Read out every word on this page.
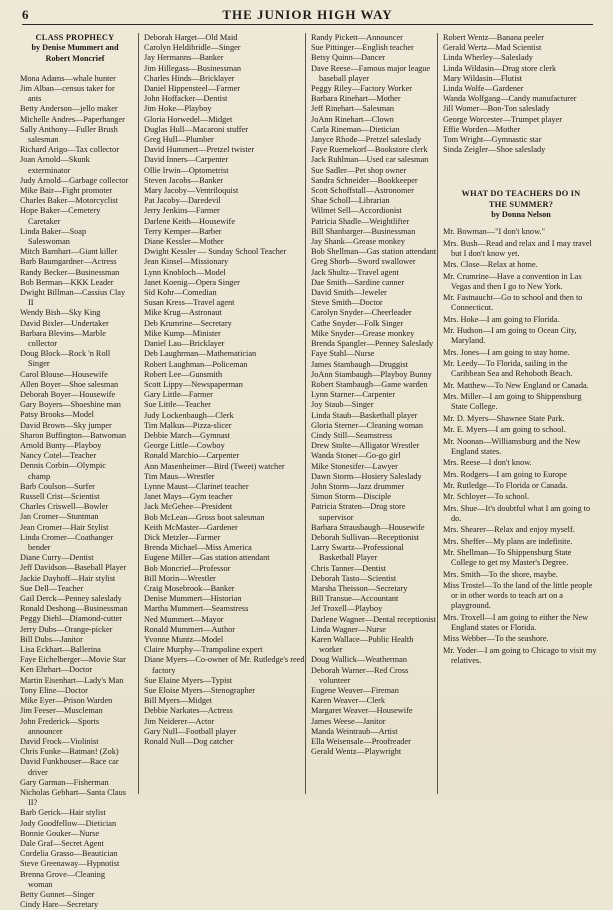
6	THE JUNIOR HIGH WAY
CLASS PROPHECY
by Denise Mummert and
Robert Moncrief
Mona Adams—whale hunter
Jim Alban—census taker for ants
Betty Anderson—jello maker
Michelle Andres—Paperhanger
Sally Anthony—Fuller Brush salesman
Richard Arigo—Tax collector
Joan Arnold—Skunk exterminator
Judy Arnold—Garbage collector
Mike Bair—Fight promoter
Charles Baker—Motorcyclist
Hope Baker—Cemetery Caretaker
Linda Baker—Soap Saleswoman
Mitch Barnhart—Giant killer
Barb Baumgardner—Actress
Randy Becker—Businessman
Bob Berman—KKK Leader
Dwight Billman—Cassius Clay II
Wendy Bish—Sky King
David Bixler—Undertaker
Barbara Blevins—Marble collector
Doug Block—Rock 'n Roll Singer
Carol Blouse—Housewife
Allen Boyer—Shoe salesman
Deborah Boyer—Housewife
Gary Boyers—Shoeshine man
Patsy Brooks—Model
David Brown—Sky jumper
Sharon Buffington—Batwoman
Arnold Bunty—Playboy
Nancy Cotel—Teacher
Dennis Corbin—Olympic champ
Barb Coulson—Surfer
Russell Crist—Scientist
Charles Criswell—Bowler
Jan Cromer—Stuntman
Jean Cromer—Hair Stylist
Linda Cromer—Coathanger bender
Diane Curry—Dentist
Jeff Davidson—Baseball Player
Jackie Dayhoff—Hair stylist
Sue Dell—Teacher
Gail Derck—Penney saleslady
Ronald Deshong—Businessman
Peggy Diehl—Diamond-cutter
Jerry Dubs—Orange-picker
Bill Dubs—Janitor
Lisa Eckhart—Ballerina
Faye Eichelberger—Movie Star
Ken Ehrhart—Doctor
Martin Eisenhart—Lady's Man
Tony Eline—Doctor
Mike Eyer—Prison Warden
Jim Feeser—Muscleman
John Frederick—Sports announcer
David Frock—Violinist
Chris Funke—Batman! (Zok)
David Funkhouser—Race car driver
Gary Garman—Fisherman
Nicholas Gebhart—Santa Claus II?
Barb Gerick—Hair stylist
Jody Goodfellow—Dietician
Bonnie Gouker—Nurse
Dale Graf—Secret Agent
Cordelia Grasso—Beautician
Steve Greenaway—Hypnotist
Brenna Grove—Cleaning woman
Betty Gunnet—Singer
Cindy Hare—Secretary
Deborah Harget—Old Maid
Carolyn Heldibridle—Singer
Jay Hermanns—Banker
Jim Hillegass—Businessman
Charles Hinds—Bricklayer
Daniel Hippensteel—Farmer
John Hoffacker—Dentist
Jim Hoke—Playboy
Gloria Horwedel—Midget
Duglas Hull—Macaroni stuffer
Greg Hull—Plumber
David Hummert—Pretzel twister
David Inners—Carpenter
Ollie Irwin—Optometrist
Steven Jacobs—Banker
Mary Jacoby—Ventriloquist
Pat Jacoby—Daredevil
Jerry Jenkins—Farmer
Darlene Keith—Housewife
Terry Kemper—Barber
Diane Kessler—Mother
Dwight Kessler — Sunday School Teacher
Jean Kinsel—Missionary
Lynn Knobloch—Model
Janet Koenig—Opera Singer
Sid Kohr—Comedian
Susan Kress—Travel agent
Mike Krug—Astronaut
Deb Krumrine—Secretary
Mike Kump—Minister
Daniel Lau—Bricklayer
Deb Laughrman—Mathematician
Robert Laughman—Policeman
Robert Lee—Gunsmith
Scott Lippy—Newspaperman
Gary Little—Farmer
Sue Little—Teacher
Judy Lockenbaugh—Clerk
Tim Malkus—Pizza-slicer
Debbie March—Gymnast
George Little—Cowboy
Ronald Marchio—Carpenter
Ann Masenheimer—Bird (Tweet) watcher
Tim Maus—Wrestler
Lynne Maust—Clarinet teacher
Janet Mays—Gym teacher
Jack McGehee—President
Bob McLean—Gross boot salesman
Keith McMaster—Gardener
Dick Metzler—Farmer
Brenda Michael—Miss America
Eugene Miller—Gas station attendant
Bob Moncrief—Professor
Bill Morin—Wrestler
Craig Mosebrook—Banker
Denise Mummert—Historian
Martha Mummert—Seamstress
Ned Mummert—Mayor
Ronald Mummert—Author
Yvonne Muntz—Model
Claire Murphy—Trampoline expert
Diane Myers—Co-owner of Mr. Rutledge's reed factory
Sue Elaine Myers—Typist
Sue Eloise Myers—Stenographer
Bill Myers—Midget
Debbie Narkates—Actress
Jim Neiderer—Actor
Gary Null—Football player
Ronald Null—Dog catcher
Randy Pickett—Announcer
Sue Pittinger—English teacher
Betsy Quinn—Dancer
Dave Reese—Famous major league baseball player
Peggy Riley—Factory Worker
Barbara Rinehart—Mother
Jeff Rinehart—Salesman
JoAnn Rinehart—Clown
Carla Rineman—Dietician
Janyce Rhode—Pretzel saleslady
Faye Ruemekorf—Bookstore clerk
Jack Ruhlman—Used car salesman
Sue Sadler—Pet shop owner
Sandra Schneider—Bookkeeper
Scott Schoffstall—Astronomer
Shae Scholl—Librarian
Wilmet Sell—Accordionist
Patricia Shadle—Weightlifter
Bill Shanbarger—Businessman
Jay Shank—Grease monkey
Bob Shellman—Gas station attendant
Greg Shorb—Sword swallower
Jack Shultz—Travel agent
Dae Smith—Sardine canner
David Smith—Jeweler
Steve Smith—Doctor
Carolyn Snyder—Cheerleader
Cathe Snyder—Folk Singer
Mike Snyder—Grease monkey
Brenda Spangler—Penney Saleslady
Faye Stahl—Nurse
James Stambaugh—Druggist
JoAnn Stambaugh—Playboy Bunny
Robert Stambaugh—Game warden
Lynn Starner—Carpenter
Joy Staub—Singer
Linda Staub—Basketball player
Gloria Sterner—Cleaning woman
Cindy Still—Seamstress
Drew Stolte—Alligator Wrestler
Wanda Stoner—Go-go girl
Mike Stonesifer—Lawyer
Dawn Storm—Hosiery Saleslady
John Storm—Jazz drummer
Simon Storm—Disciple
Patricia Straten—Drug store supervisor
Barbara Strausbaugh—Housewife
Deborah Sullivan—Receptionist
Larry Swartz—Professional Basketball Player
Chris Tanner—Dentist
Deborah Tasto—Scientist
Marsha Theisson—Secretary
Bill Transue—Accountant
Jef Troxell—Playboy
Darlene Wagner—Dental receptionist
Linda Wagner—Nurse
Karen Wallace—Public Health worker
Doug Wallick—Weatherman
Deborah Warner—Red Cross volunteer
Eugene Weaver—Fireman
Karen Weaver—Clerk
Margaret Weaver—Housewife
James Weese—Janitor
Manda Weintraub—Artist
Ella Weisensale—Proofreader
Gerald Wentz—Playwright
Robert Wentz—Banana peeler
Gerald Wertz—Mad Scientist
Linda Wherley—Saleslady
Linda Wildasin—Drug store clerk
Mary Wildasin—Flutist
Linda Wolfe—Gardener
Wanda Wolfgang—Candy manufacturer
Jill Womer—Bon-Ton saleslady
George Worcester—Trumpet player
Effie Worden—Mother
Tom Wright—Gymnastic star
Sinda Zeigler—Shoe saleslady
WHAT DO TEACHERS DO IN
THE SUMMER?
by Donna Nelson
Mr. Bowman—"I don't know."
Mrs. Bush—Read and relax and I may travel but I don't know yet.
Mrs. Close—Relax at home.
Mr. Crumrine—Have a convention in Las Vegas and then I go to New York.
Mr. Fastnaucht—Go to school and then to Connecticut.
Mrs. Hoke—I am going to Florida.
Mr. Hudson—I am going to Ocean City, Maryland.
Mrs. Jones—I am going to stay home.
Mr. Leedy—To Florida, sailing in the Caribbean Sea and Rehoboth Beach.
Mr. Matthew—To New England or Canada.
Mrs. Miller—I am going to Shippensburg State College.
Mr. D. Myers—Shawnee State Park.
Mr. E. Myers—I am going to school.
Mr. Noonan—Williamsburg and the New England states.
Mrs. Reese—I don't know.
Mrs. Rodgers—I am going to Europe
Mr. Rutledge—To Florida or Canada.
Mr. Schloyer—To school.
Mrs. Shue—It's doubtful what I am going to do.
Mrs. Shearer—Relax and enjoy myself.
Mrs. Sheffer—My plans are indefinite.
Mr. Shellman—To Shippensburg State College to get my Master's Degree.
Mrs. Smith—To the shore, maybe.
Miss Trostel—To the land of the little people or in other words to teach art on a playground.
Mrs. Troxell—I am going to either the New England states or Florida.
Miss Webber—To the seashore.
Mr. Yoder—I am going to Chicago to visit my relatives.
